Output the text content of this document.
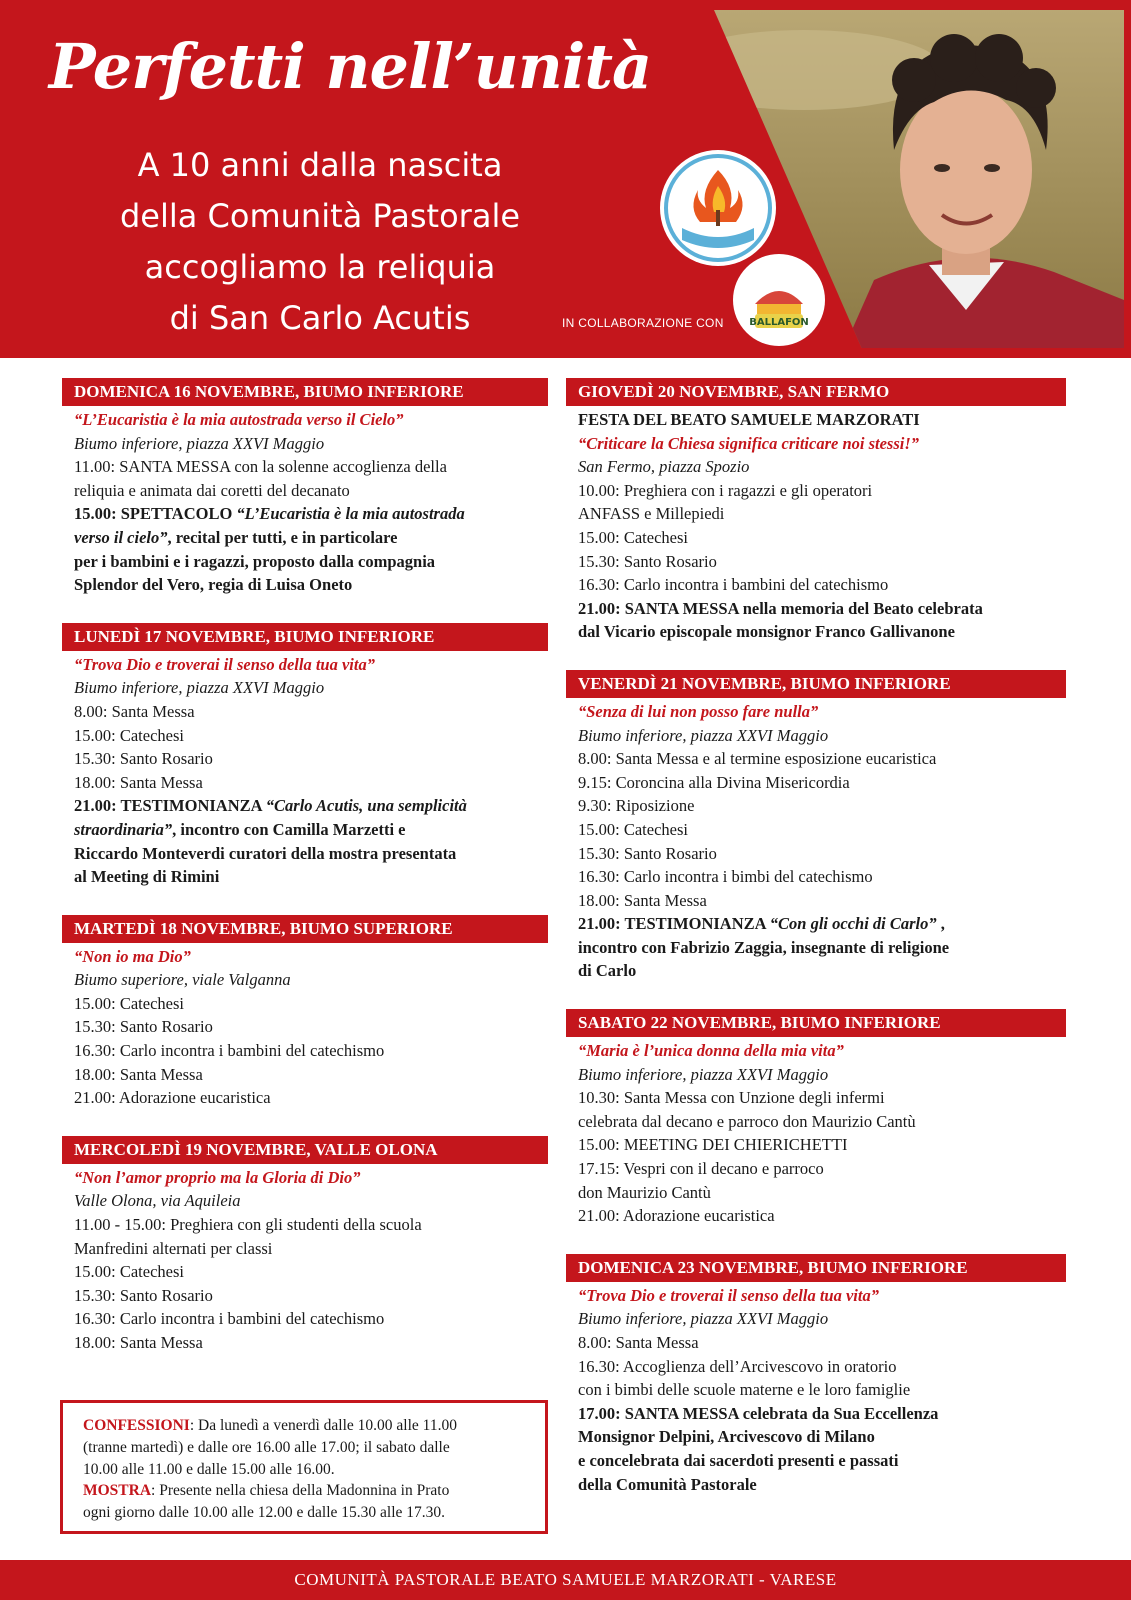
Perfetti nell’unità
A 10 anni dalla nascita
della Comunità Pastorale
accogliamo la reliquia
di San Carlo Acutis	BALLAFON
IN COLLABORAZIONE CON
DOMENICA 16 NOVEMBRE, BIUMO INFERIORE
“L’Eucaristia è la mia autostrada verso il Cielo”
Biumo inferiore, piazza XXVI Maggio
11.00: SANTA MESSA con la solenne accoglienza della
reliquia e animata dai coretti del decanato
15.00: SPETTACOLO “L’Eucaristia è la mia autostrada
verso il cielo”, recital per tutti, e in particolare
per i bambini e i ragazzi, proposto dalla compagnia
Splendor del Vero, regia di Luisa Oneto
LUNEDÌ 17 NOVEMBRE, BIUMO INFERIORE
“Trova Dio e troverai il senso della tua vita”
Biumo inferiore, piazza XXVI Maggio
8.00: Santa Messa
15.00: Catechesi
15.30: Santo Rosario
18.00: Santa Messa
21.00: TESTIMONIANZA “Carlo Acutis, una semplicità
straordinaria”, incontro con Camilla Marzetti e
Riccardo Monteverdi curatori della mostra presentata
al Meeting di Rimini
MARTEDÌ 18 NOVEMBRE, BIUMO SUPERIORE
“Non io ma Dio”
Biumo superiore, viale Valganna
15.00: Catechesi
15.30: Santo Rosario
16.30: Carlo incontra i bambini del catechismo
18.00: Santa Messa
21.00: Adorazione eucaristica
MERCOLEDÌ 19 NOVEMBRE, VALLE OLONA
“Non l’amor proprio ma la Gloria di Dio”
Valle Olona, via Aquileia
11.00 - 15.00: Preghiera con gli studenti della scuola
Manfredini alternati per classi
15.00: Catechesi
15.30: Santo Rosario
16.30: Carlo incontra i bambini del catechismo
18.00: Santa Messa
GIOVEDÌ 20 NOVEMBRE, SAN FERMO
FESTA DEL BEATO SAMUELE MARZORATI
“Criticare la Chiesa significa criticare noi stessi!”
San Fermo, piazza Spozio
10.00: Preghiera con i ragazzi e gli operatori
ANFASS e Millepiedi
15.00: Catechesi
15.30: Santo Rosario
16.30: Carlo incontra i bambini del catechismo
21.00: SANTA MESSA nella memoria del Beato celebrata
dal Vicario episcopale monsignor Franco Gallivanone
VENERDÌ 21 NOVEMBRE, BIUMO INFERIORE
“Senza di lui non posso fare nulla”
Biumo inferiore, piazza XXVI Maggio
8.00: Santa Messa e al termine esposizione eucaristica
9.15: Coroncina alla Divina Misericordia
9.30: Riposizione
15.00: Catechesi
15.30: Santo Rosario
16.30: Carlo incontra i bimbi del catechismo
18.00: Santa Messa
21.00: TESTIMONIANZA “Con gli occhi di Carlo” ,
incontro con Fabrizio Zaggia, insegnante di religione
di Carlo
SABATO 22 NOVEMBRE, BIUMO INFERIORE
“Maria è l’unica donna della mia vita”
Biumo inferiore, piazza XXVI Maggio
10.30: Santa Messa con Unzione degli infermi
celebrata dal decano e parroco don Maurizio Cantù
15.00: MEETING DEI CHIERICHETTI
17.15: Vespri con il decano e parroco
don Maurizio Cantù
21.00: Adorazione eucaristica
DOMENICA 23 NOVEMBRE, BIUMO INFERIORE
“Trova Dio e troverai il senso della tua vita”
Biumo inferiore, piazza XXVI Maggio
8.00: Santa Messa
16.30: Accoglienza dell’Arcivescovo in oratorio
con i bimbi delle scuole materne e le loro famiglie
17.00: SANTA MESSA celebrata da Sua Eccellenza
Monsignor Delpini, Arcivescovo di Milano
e concelebrata dai sacerdoti presenti e passati
della Comunità Pastorale
CONFESSIONI: Da lunedì a venerdì dalle 10.00 alle 11.00
(tranne martedì) e dalle ore 16.00 alle 17.00; il sabato dalle
10.00 alle 11.00 e dalle 15.00 alle 16.00.
MOSTRA: Presente nella chiesa della Madonnina in Prato
ogni giorno dalle 10.00 alle 12.00 e dalle 15.30 alle 17.30.
COMUNITÀ PASTORALE BEATO SAMUELE MARZORATI - VARESE
